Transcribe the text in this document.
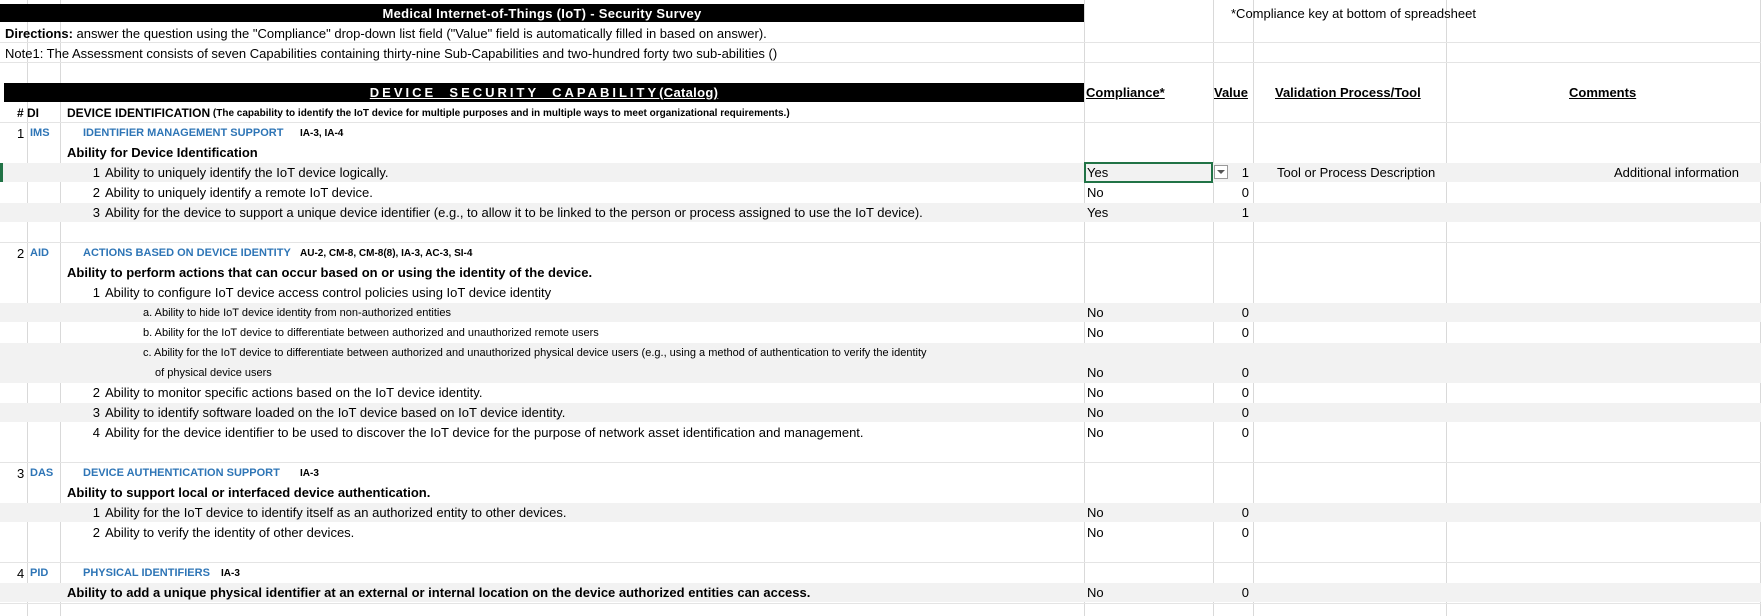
Medical Internet-of-Things (IoT) - Security Survey	*Compliance key at bottom of spreadsheet
Directions: answer the question using the "Compliance" drop-down list field ("Value" field is automatically filled in based on answer).
Note1: The Assessment consists of seven Capabilities containing thirty-nine Sub-Capabilities and two-hundred forty two sub-abilities ()
DEVICE  SECURITY  CAPABILITY(Catalog)	Compliance*	Value Validation Process/Tool	Comments
# DI DEVICE IDENTIFICATION (The capability to identify the IoT device for multiple purposes and in multiple ways to meet organizational requirements.)
1 IMS	IDENTIFIER MANAGEMENT SUPPORT IA-3, IA-4
Ability for Device Identification
1 Ability to uniquely identify the IoT device logically.	Yes	1	Tool or Process Description	Additional information
2 Ability to uniquely identify a remote IoT device.	No	0
3 Ability for the device to support a unique device identifier (e.g., to allow it to be linked to the person or process assigned to use the IoT device).	Yes	1
2 AID	ACTIONS BASED ON DEVICE IDENTITY AU-2, CM-8, CM-8(8), IA-3, AC-3, SI-4
Ability to perform actions that can occur based on or using the identity of the device.
1 Ability to configure IoT device access control policies using IoT device identity
a. Ability to hide IoT device identity from non-authorized entities	No	0
b. Ability for the IoT device to differentiate between authorized and unauthorized remote users	No	0
c. Ability for the IoT device to differentiate between authorized and unauthorized physical device users (e.g., using a method of authentication to verify the identity
of physical device users	No	0
2 Ability to monitor specific actions based on the IoT device identity.	No	0
3 Ability to identify software loaded on the IoT device based on IoT device identity.	No	0
4 Ability for the device identifier to be used to discover the IoT device for the purpose of network asset identification and management.	No	0
3 DAS	DEVICE AUTHENTICATION SUPPORT IA-3
Ability to support local or interfaced device authentication.
1 Ability for the IoT device to identify itself as an authorized entity to other devices.	No	0
2 Ability to verify the identity of other devices.	No	0
4 PID	PHYSICAL IDENTIFIERS IA-3
Ability to add a unique physical identifier at an external or internal location on the device authorized entities can access.	No	0
